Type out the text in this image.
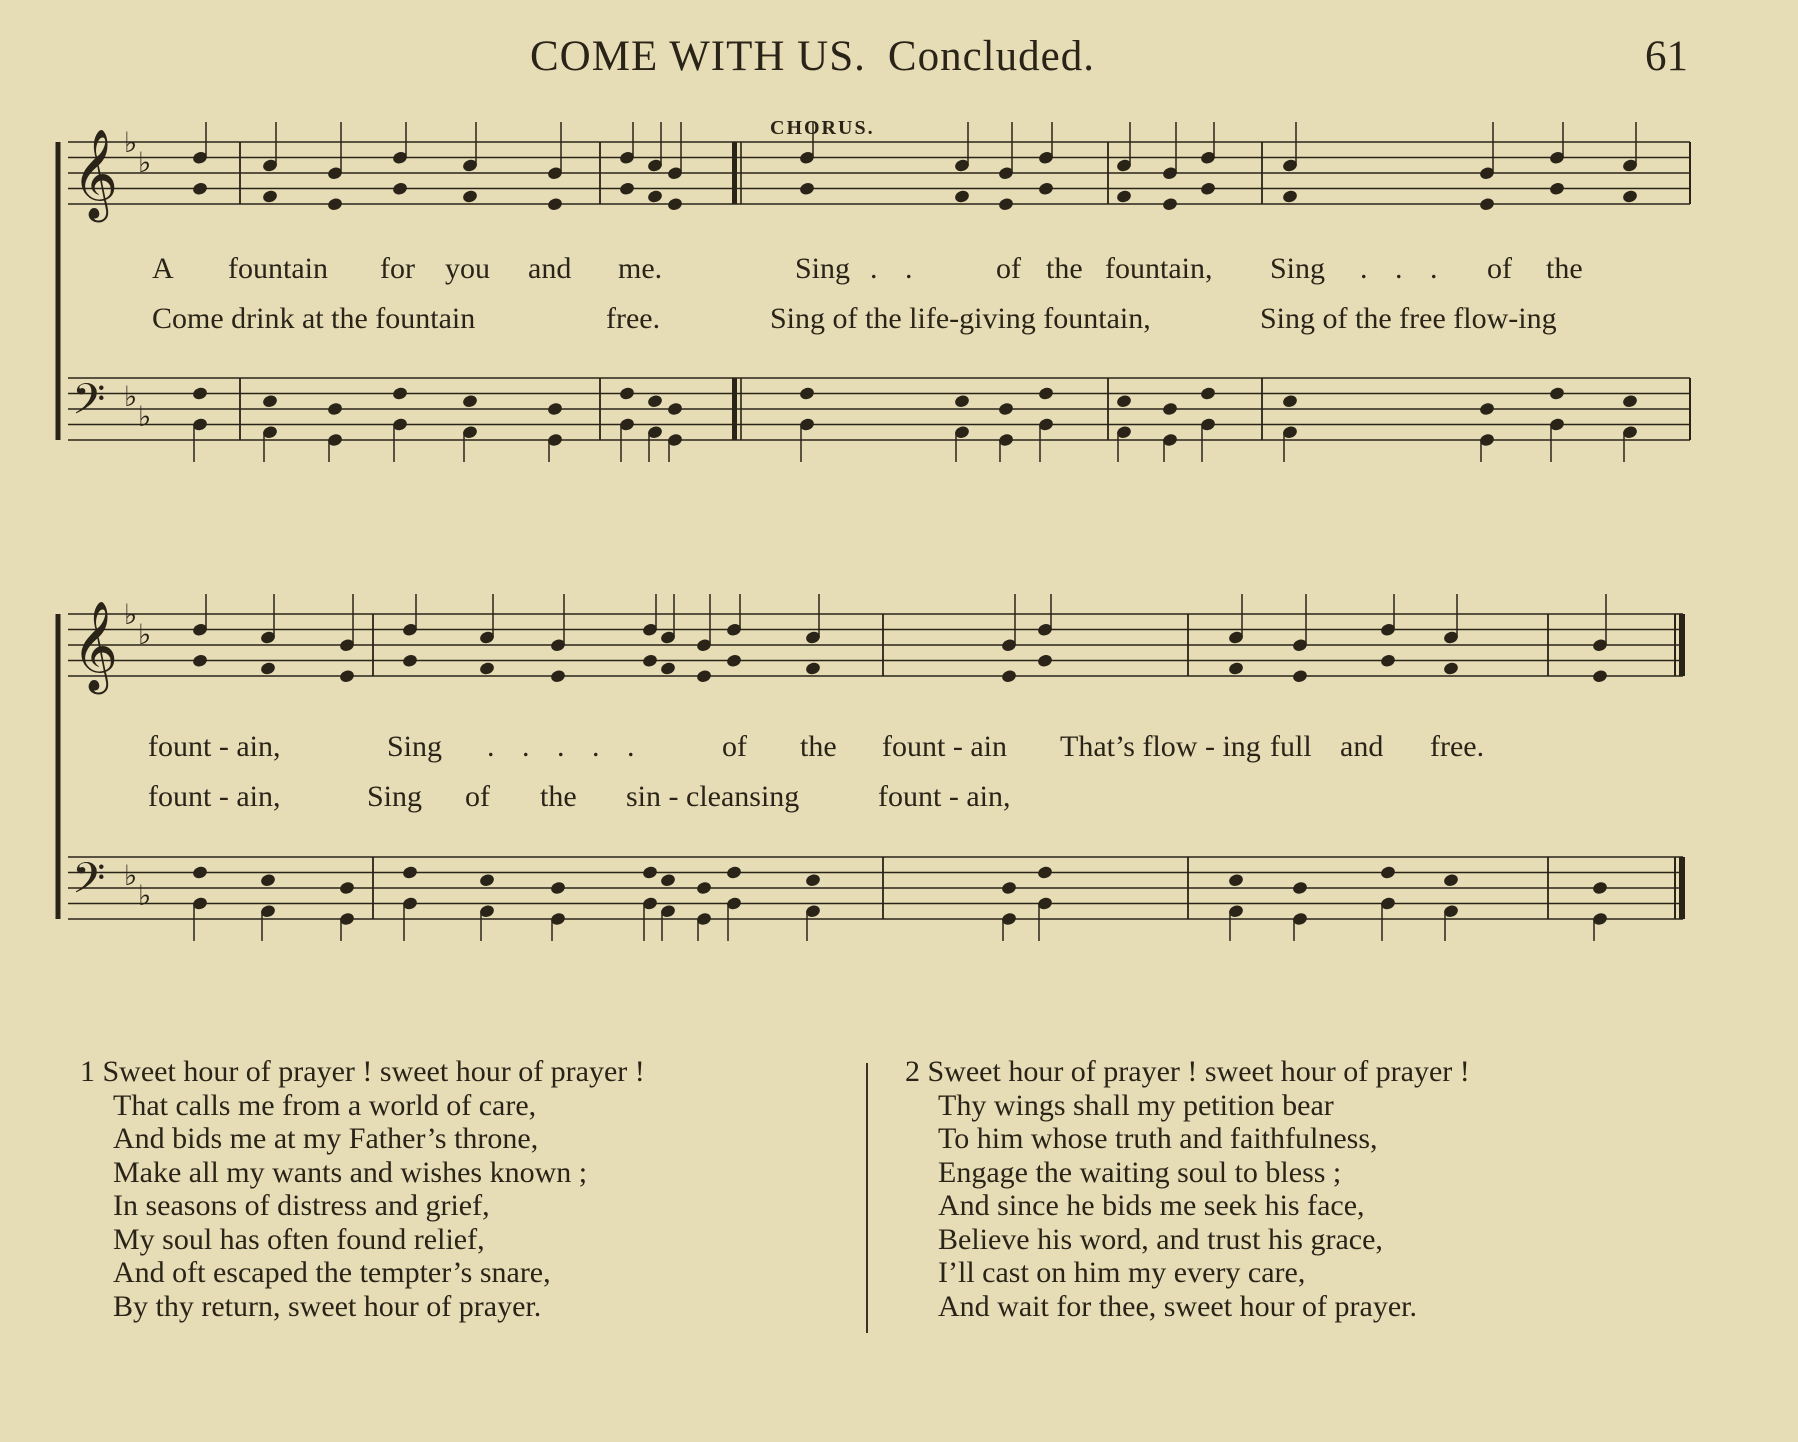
COME WITH US. Concluded.	61
CHORUS.
𝄞 ♭
♭
𝄢 ♭
♭
𝄞 ♭
♭
𝄢 ♭
♭
A fountain for you and me.	Sing . .	of the fountain, Sing . . . of the
Come drink at the fountain	free.	Sing of the life-giving fountain,	Sing of the free flow-ing
fount - ain,	Sing . . . . .	of the fount - ain That’s flow - ing full and free.
fount - ain,	Sing of the sin - cleansing	fount - ain,
1 Sweet hour of prayer ! sweet hour of prayer !
That calls me from a world of care,
And bids me at my Father’s throne,
Make all my wants and wishes known ;
In seasons of distress and grief,
My soul has often found relief,
And oft escaped the tempter’s snare,
By thy return, sweet hour of prayer.
2 Sweet hour of prayer ! sweet hour of prayer !
Thy wings shall my petition bear
To him whose truth and faithfulness,
Engage the waiting soul to bless ;
And since he bids me seek his face,
Believe his word, and trust his grace,
I’ll cast on him my every care,
And wait for thee, sweet hour of prayer.
